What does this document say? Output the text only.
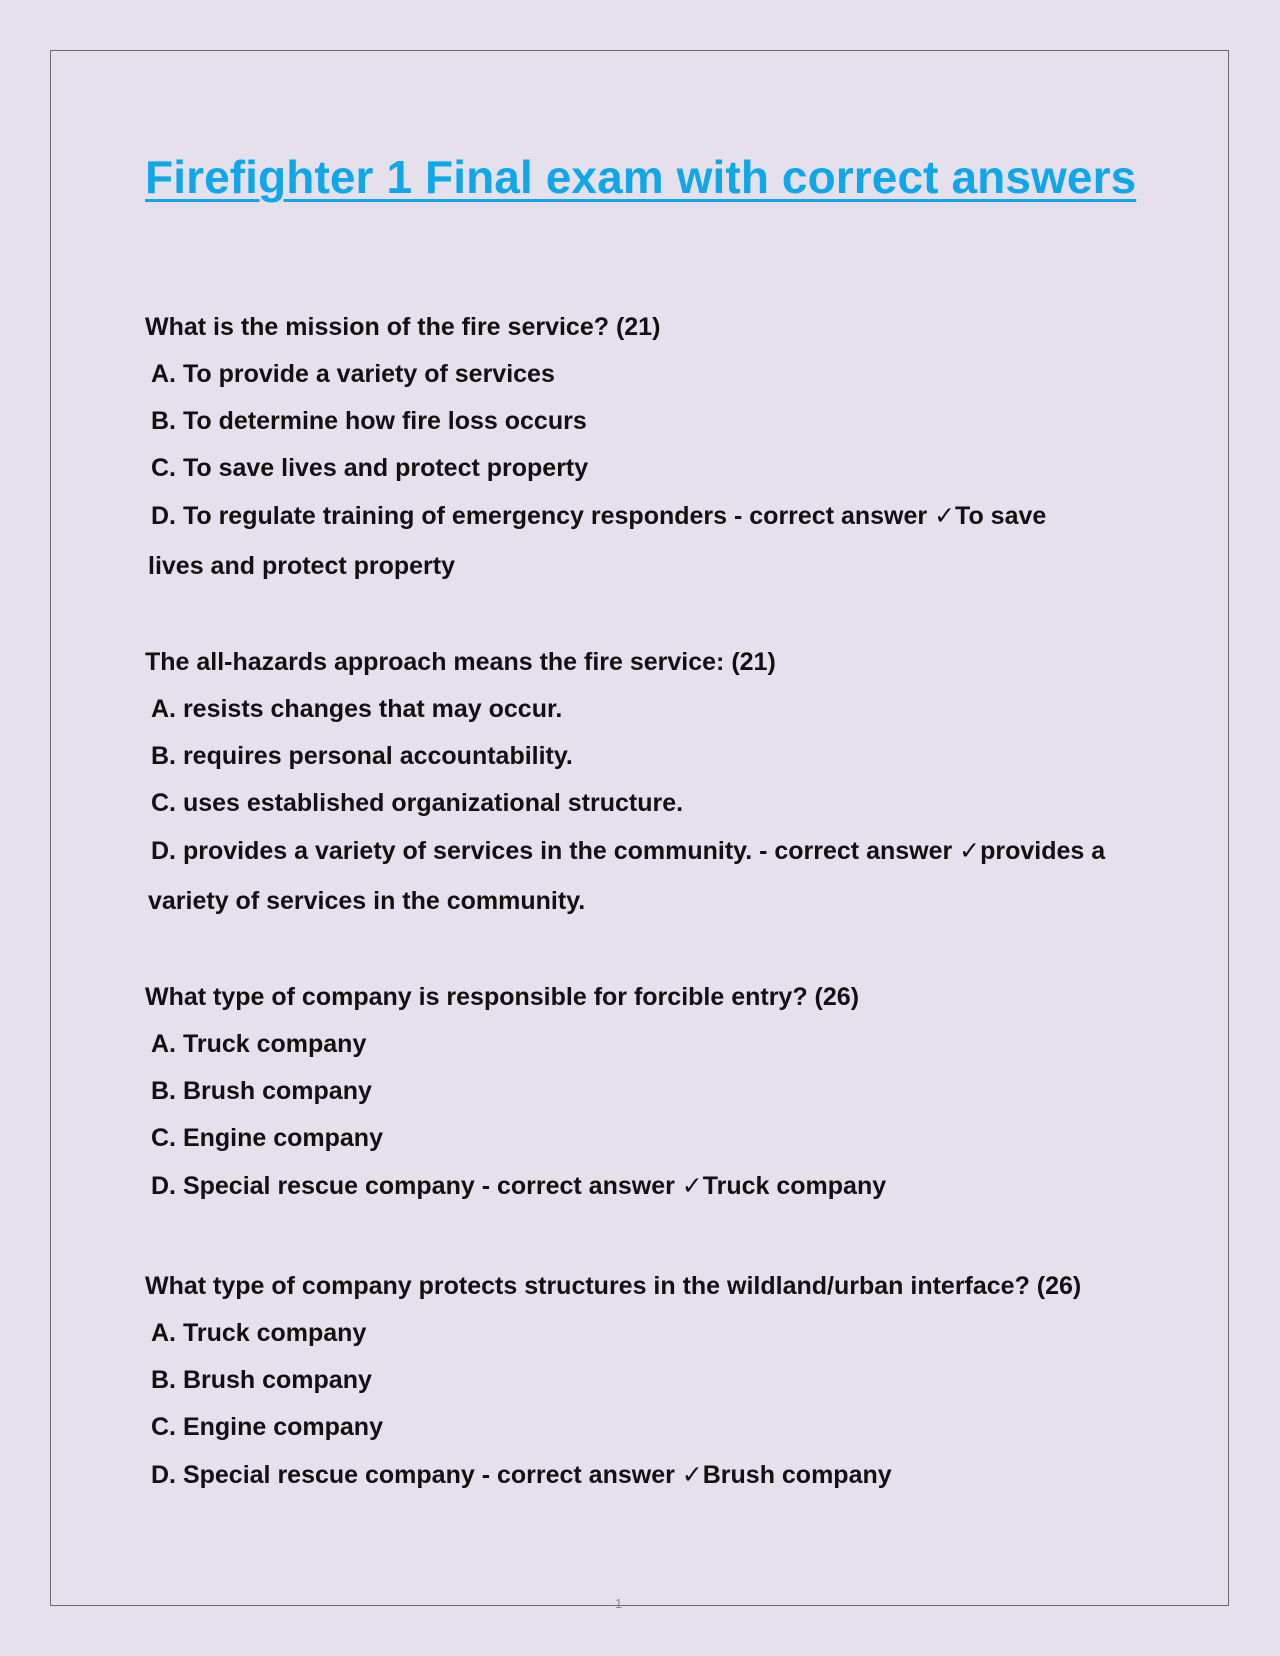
Firefighter 1 Final exam with correct answers
What is the mission of the fire service? (21)
A. To provide a variety of services
B. To determine how fire loss occurs
C. To save lives and protect property
D. To regulate training of emergency responders - correct answer ✓To save
lives and protect property
The all-hazards approach means the fire service: (21)
A. resists changes that may occur.
B. requires personal accountability.
C. uses established organizational structure.
D. provides a variety of services in the community. - correct answer ✓provides a
variety of services in the community.
What type of company is responsible for forcible entry? (26)
A. Truck company
B. Brush company
C. Engine company
D. Special rescue company - correct answer ✓Truck company
What type of company protects structures in the wildland/urban interface? (26)
A. Truck company
B. Brush company
C. Engine company
D. Special rescue company - correct answer ✓Brush company
1
